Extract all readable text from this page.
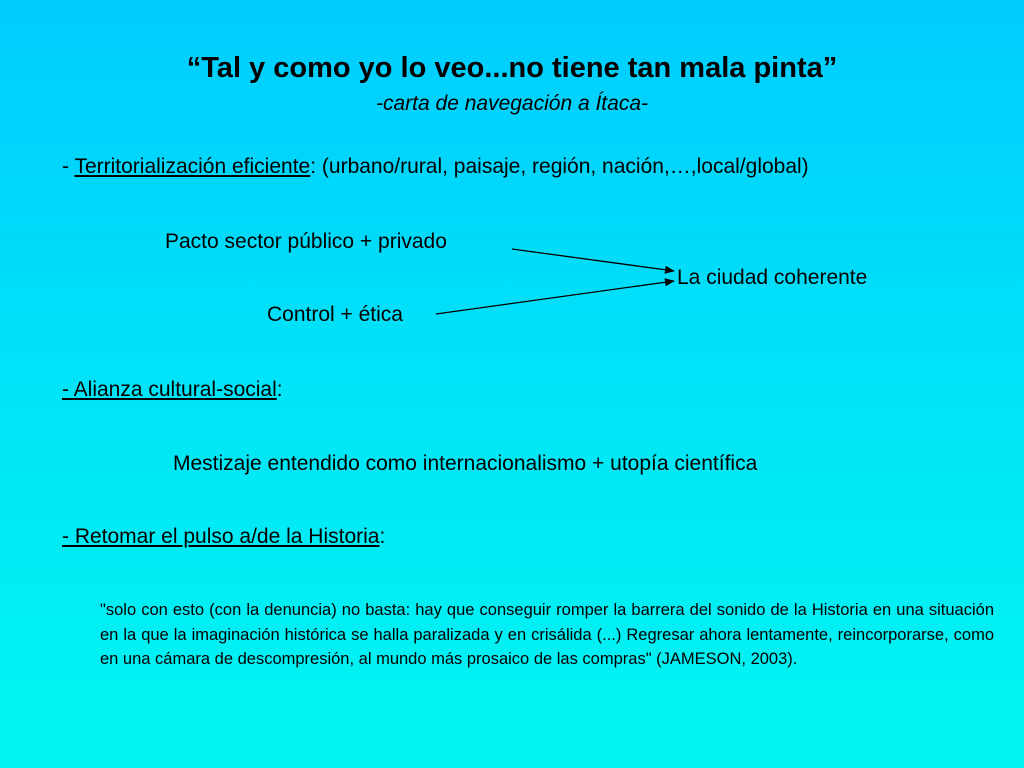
“Tal y como yo lo veo...no tiene tan mala pinta”
-carta de navegación a Ítaca-
- Territorialización eficiente: (urbano/rural, paisaje, región, nación,…,local/global)
Pacto sector público + privado
La ciudad coherente
Control + ética
- Alianza cultural-social:
Mestizaje entendido como internacionalismo + utopía científica
- Retomar el pulso a/de la Historia:
"solo con esto (con la denuncia) no basta: hay que conseguir romper la barrera del sonido de la Historia en una situación en la que la imaginación histórica se halla paralizada y en crisálida (...) Regresar ahora lentamente, reincorporarse, como en una cámara de descompresión, al mundo más prosaico de las compras" (JAMESON, 2003).
